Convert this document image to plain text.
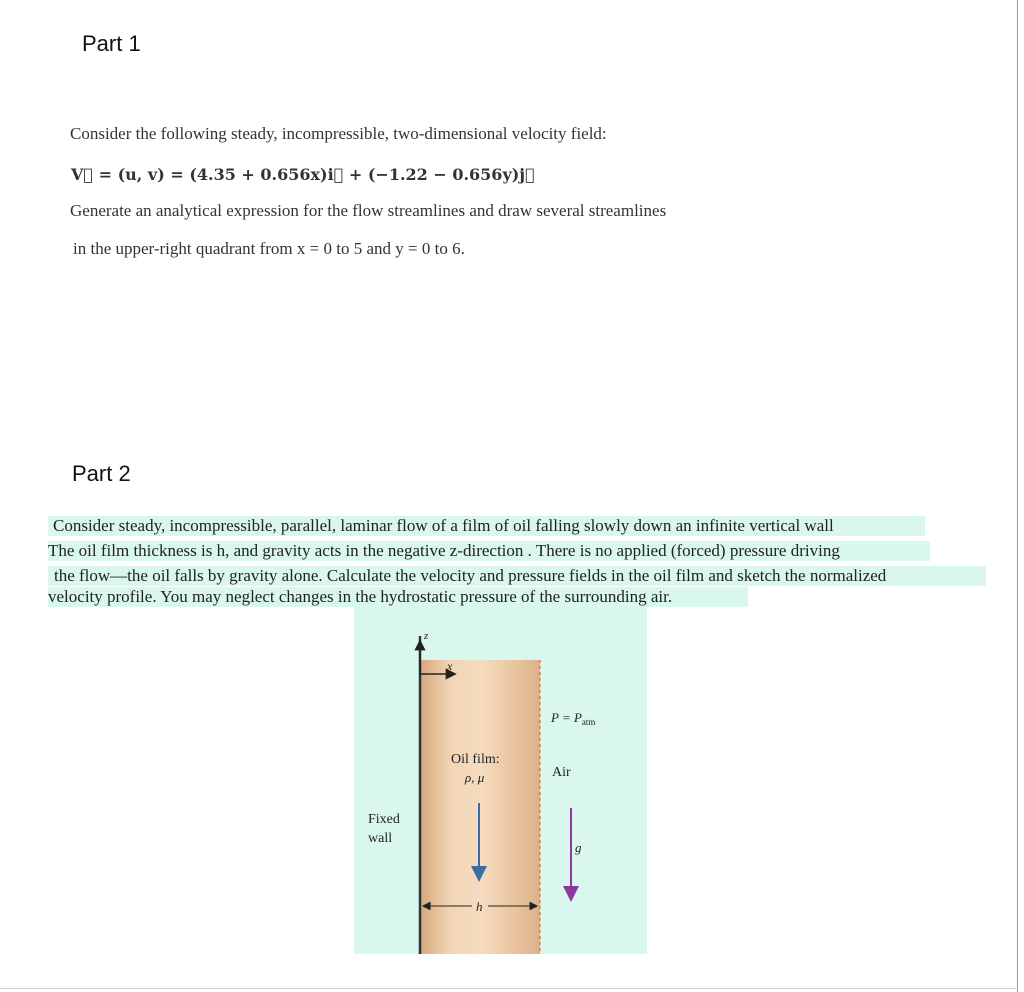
Part 1
Consider the following steady, incompressible, two-dimensional velocity field:
V⃗ = (u, v) = (4.35 + 0.656x)i⃗ + (−1.22 − 0.656y)j⃗
Generate an analytical expression for the flow streamlines and draw several streamlines
in the upper-right quadrant from x = 0 to 5 and y = 0 to 6.
Part 2
Consider steady, incompressible, parallel, laminar flow of a film of oil falling slowly down an infinite vertical wall
The oil film thickness is h, and gravity acts in the negative z-direction . There is no applied (forced) pressure driving
the flow—the oil falls by gravity alone. Calculate the velocity and pressure fields in the oil film and sketch the normalized
velocity profile. You may neglect changes in the hydrostatic pressure of the surrounding air.
z
x
$P = P_{atm}$
Oil film:
ρ, μ	Air
Fixed
wall
g⃗
h
